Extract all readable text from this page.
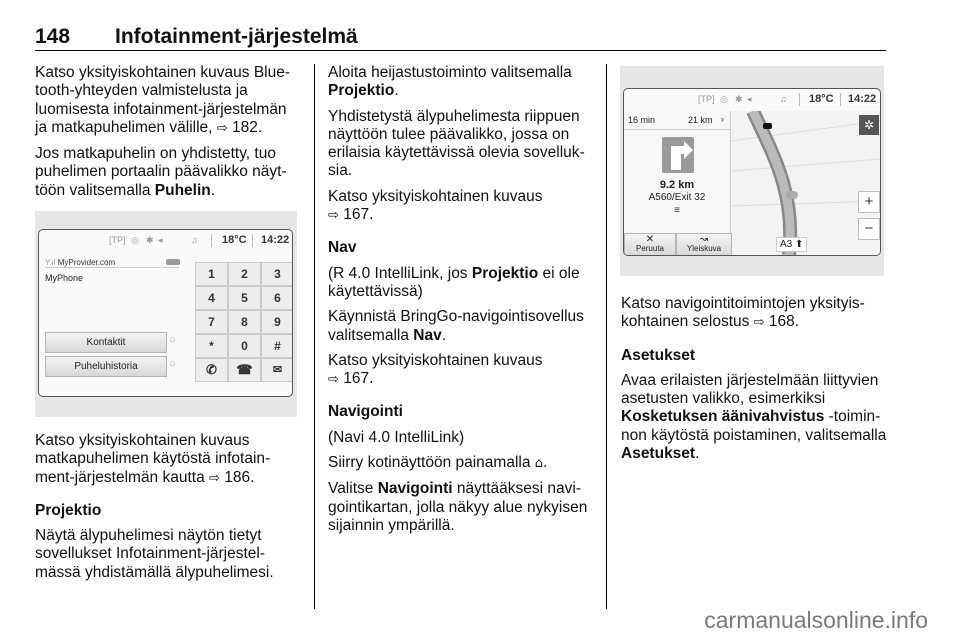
148 Infotainment-järjestelmä

Katso yksityiskohtainen kuvaus Bluetooth-yhteyden valmistelusta ja luomisesta infotainment-järjestelmän ja matkapuhelimen välille, ⇨ 182.

Jos matkapuhelin on yhdistetty, tuo puhelimen portaalin päävalikko näyttöön valitsemalla Puhelin.

[TP] ◎ ✱ ◂	♫ 18°C 14:22
Y.ıl MyProvider.com
MyPhone	1	2	3
4	5	6
7	8	9
*	0	#
✆	☎	✉
Kontaktit
Puheluhistoria
○
○

Katso yksityiskohtainen kuvaus matkapuhelimen käytöstä infotainment-järjestelmän kautta ⇨ 186.

Projektio

Näytä älypuhelimesi näytön tietyt sovellukset Infotainment-järjestelmässä yhdistämällä älypuhelimesi.

Aloita heijastustoiminto valitsemalla Projektio.

Yhdistetystä älypuhelimesta riippuen näyttöön tulee päävalikko, jossa on erilaisia käytettävissä olevia sovelluksia.

Katso yksityiskohtainen kuvaus
⇨ 167.

Nav

(R 4.0 IntelliLink, jos Projektio ei ole käytettävissä)

Käynnistä BringGo-navigointisovellus valitsemalla Nav.

Katso yksityiskohtainen kuvaus
⇨ 167.

Navigointi

(Navi 4.0 IntelliLink)

Siirry kotinäyttöön painamalla ⌂.

Valitse Navigointi näyttääksesi navigointikartan, jolla näkyy alue nykyisen sijainnin ympärillä.

[TP] ◎ ✱ ◂	♫ 18°C 14:22
16 min	21 km ›
9.2 km
A560/Exit 32
≡
✲
+
−
✕
Peruuta
↝
Yleiskuva	A3 ⬆

Katso navigointitoimintojen yksityiskohtainen selostus ⇨ 168.

Asetukset

Avaa erilaisten järjestelmään liittyvien asetusten valikko, esimerkiksi Kosketuksen äänivahvistus -toiminnon käytöstä poistaminen, valitsemalla Asetukset.

carmanualsonline.info
